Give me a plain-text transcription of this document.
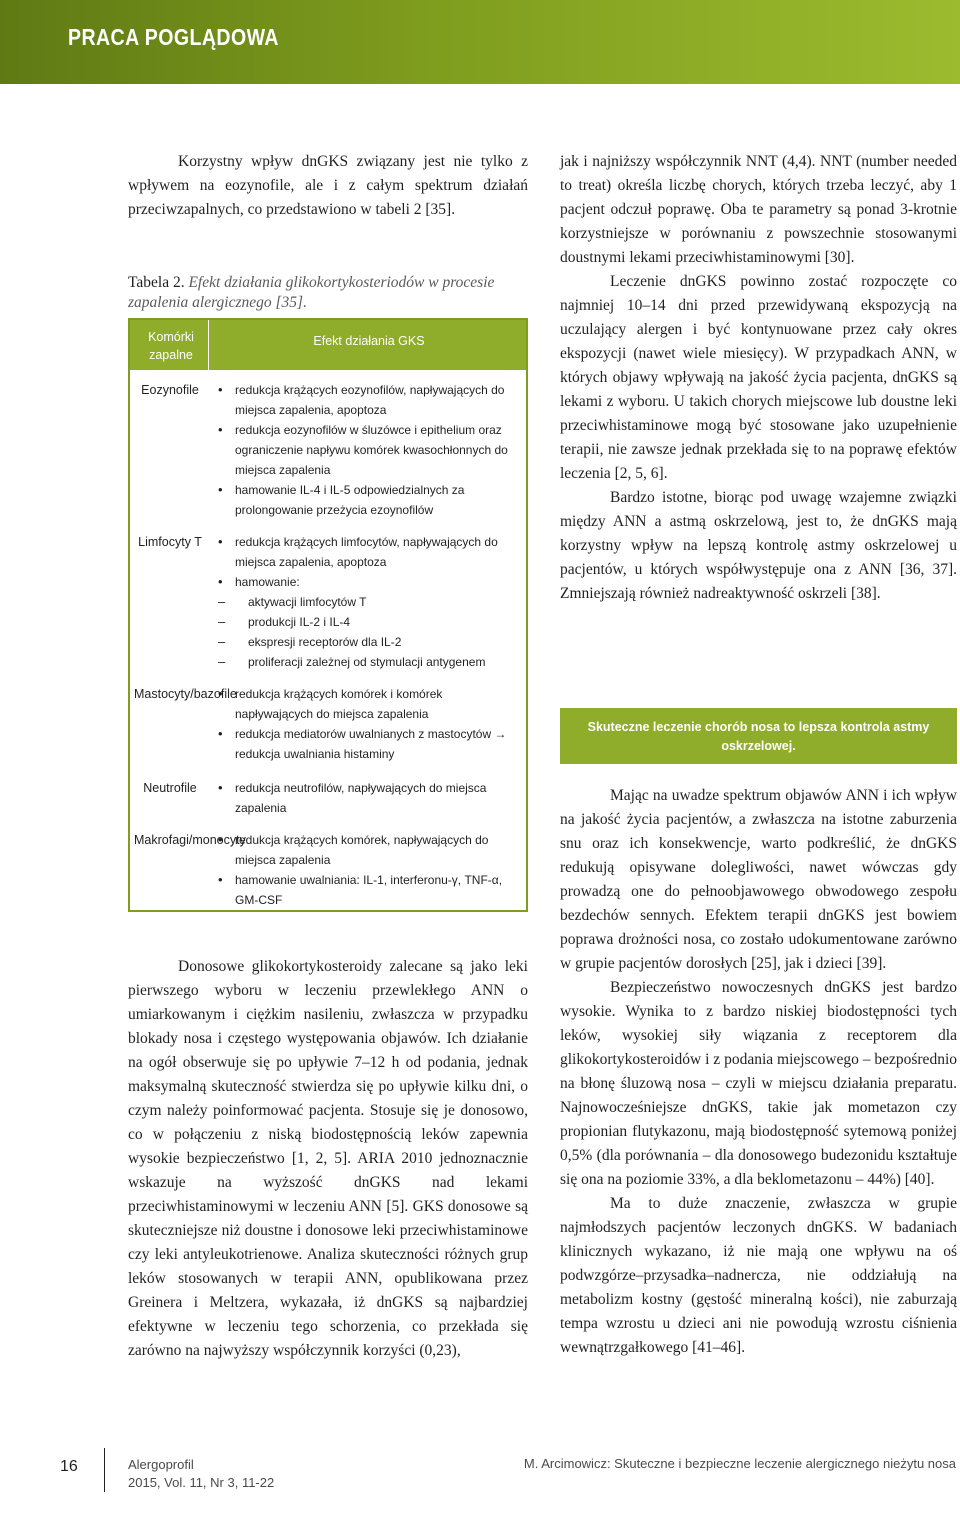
PRACA POGLĄDOWA

Korzystny wpływ dnGKS związany jest nie tylko z wpływem na eozynofile, ale i z całym spektrum działań przeciwzapalnych, co przedstawiono w tabeli 2 [35].

Tabela 2. Efekt działania glikokortykosteriodów w procesie zapalenia alergicznego [35].
Komórki zapalne
Efekt działania GKS
Eozynofile	• redukcja krążących eozynofilów, napływających do miejsca zapalenia, apoptoza
• redukcja eozynofilów w śluzówce i epithelium oraz ograniczenie napływu komórek kwasochłonnych do miejsca zapalenia
• hamowanie IL-4 i IL-5 odpowiedzialnych za prolongowanie przeżycia ezoynofilów
Limfocyty T	• redukcja krążących limfocytów, napływających do miejsca zapalenia, apoptoza
• hamowanie:
– aktywacji limfocytów T
– produkcji IL-2 i IL-4
– ekspresji receptorów dla IL-2
– proliferacji zależnej od stymulacji antygenem
Mastocyty/bazofile
• redukcja krążących komórek i komórek napływających do miejsca zapalenia
• redukcja mediatorów uwalnianych z mastocytów → redukcja uwalniania histaminy
Neutrofile	• redukcja neutrofilów, napływających do miejsca zapalenia
Makrofagi/monocyty
• redukcja krążących komórek, napływających do miejsca zapalenia
• hamowanie uwalniania: IL-1, interferonu-γ, TNF-α, GM-CSF

Donosowe glikokortykosteroidy zalecane są jako leki pierwszego wyboru w leczeniu przewlekłego ANN o umiarkowanym i ciężkim nasileniu, zwłaszcza w przypadku blokady nosa i częstego występowania objawów. Ich działanie na ogół obserwuje się po upływie 7–12 h od podania, jednak maksymalną skuteczność stwierdza się po upływie kilku dni, o czym należy poinformować pacjenta. Stosuje się je donosowo, co w połączeniu z niską biodostępnością leków zapewnia wysokie bezpieczeństwo [1, 2, 5]. ARIA 2010 jednoznacznie wskazuje na wyższość dnGKS nad lekami przeciwhistaminowymi w leczeniu ANN [5]. GKS donosowe są skuteczniejsze niż doustne i donosowe leki przeciwhistaminowe czy leki antyleukotrienowe. Analiza skuteczności różnych grup leków stosowanych w terapii ANN, opublikowana przez Greinera i Meltzera, wykazała, iż dnGKS są najbardziej efektywne w leczeniu tego schorzenia, co przekłada się zarówno na najwyższy współczynnik korzyści (0,23),

jak i najniższy współczynnik NNT (4,4). NNT (number needed to treat) określa liczbę chorych, których trzeba leczyć, aby 1 pacjent odczuł poprawę. Oba te parametry są ponad 3-krotnie korzystniejsze w porównaniu z powszechnie stosowanymi doustnymi lekami przeciwhistaminowymi [30].

Leczenie dnGKS powinno zostać rozpoczęte co najmniej 10–14 dni przed przewidywaną ekspozycją na uczulający alergen i być kontynuowane przez cały okres ekspozycji (nawet wiele miesięcy). W przypadkach ANN, w których objawy wpływają na jakość życia pacjenta, dnGKS są lekami z wyboru. U takich chorych miejscowe lub doustne leki przeciwhistaminowe mogą być stosowane jako uzupełnienie terapii, nie zawsze jednak przekłada się to na poprawę efektów leczenia [2, 5, 6].

Bardzo istotne, biorąc pod uwagę wzajemne związki między ANN a astmą oskrzelową, jest to, że dnGKS mają korzystny wpływ na lepszą kontrolę astmy oskrzelowej u pacjentów, u których współwystępuje ona z ANN [36, 37]. Zmniejszają również nadreaktywność oskrzeli [38].

Skuteczne leczenie chorób nosa to lepsza kontrola astmy oskrzelowej.

Mając na uwadze spektrum objawów ANN i ich wpływ na jakość życia pacjentów, a zwłaszcza na istotne zaburzenia snu oraz ich konsekwencje, warto podkreślić, że dnGKS redukują opisywane dolegliwości, nawet wówczas gdy prowadzą one do pełnoobjawowego obwodowego zespołu bezdechów sennych. Efektem terapii dnGKS jest bowiem poprawa drożności nosa, co zostało udokumentowane zarówno w grupie pacjentów dorosłych [25], jak i dzieci [39].

Bezpieczeństwo nowoczesnych dnGKS jest bardzo wysokie. Wynika to z bardzo niskiej biodostępności tych leków, wysokiej siły wiązania z receptorem dla glikokortykosteroidów i z podania miejscowego – bezpośrednio na błonę śluzową nosa – czyli w miejscu działania preparatu. Najnowocześniejsze dnGKS, takie jak mometazon czy propionian flutykazonu, mają biodostępność sytemową poniżej 0,5% (dla porównania – dla donosowego budezonidu kształtuje się ona na poziomie 33%, a dla beklometazonu – 44%) [40].

Ma to duże znaczenie, zwłaszcza w grupie najmłodszych pacjentów leczonych dnGKS. W badaniach klinicznych wykazano, iż nie mają one wpływu na oś podwzgórze–przysadka–nadnercza, nie oddziałują na metabolizm kostny (gęstość mineralną kości), nie zaburzają tempa wzrostu u dzieci ani nie powodują wzrostu ciśnienia wewnątrzgałkowego [41–46].

16	Alergoprofil
2015, Vol. 11, Nr 3, 11-22
M. Arcimowicz: Skuteczne i bezpieczne leczenie alergicznego nieżytu nosa
